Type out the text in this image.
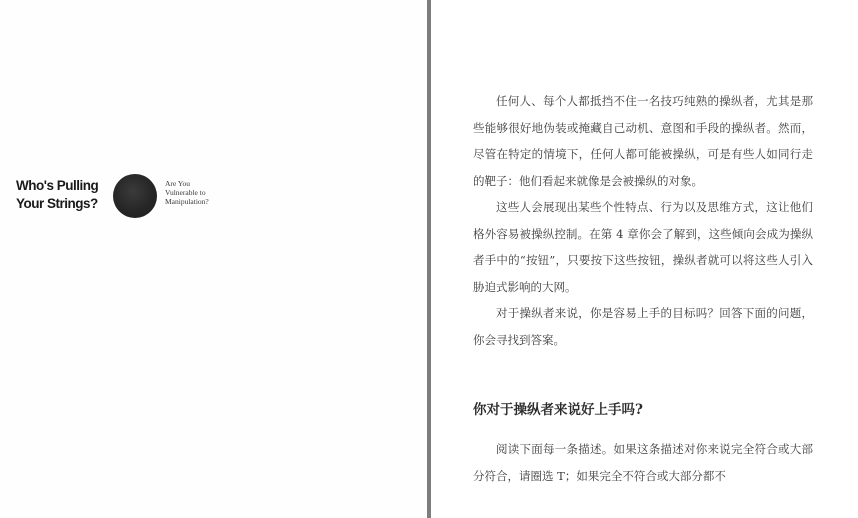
Who's Pulling
Your Strings?
Are You
Vulnerable to
Manipulation?

任何人、每个人都抵挡不住一名技巧纯熟的操纵者，尤其是那些能够很好地伪装或掩藏自己动机、意图和手段的操纵者。然而，尽管在特定的情境下，任何人都可能被操纵，可是有些人如同行走的靶子：他们看起来就像是会被操纵的对象。

这些人会展现出某些个性特点、行为以及思维方式，这让他们格外容易被操纵控制。在第 4 章你会了解到，这些倾向会成为操纵者手中的“按钮”，只要按下这些按钮，操纵者就可以将这些人引入胁迫式影响的大网。

对于操纵者来说，你是容易上手的目标吗？回答下面的问题，你会寻找到答案。

你对于操纵者来说好上手吗?

阅读下面每一条描述。如果这条描述对你来说完全符合或大部分符合，请圈选 T；如果完全不符合或大部分都不
